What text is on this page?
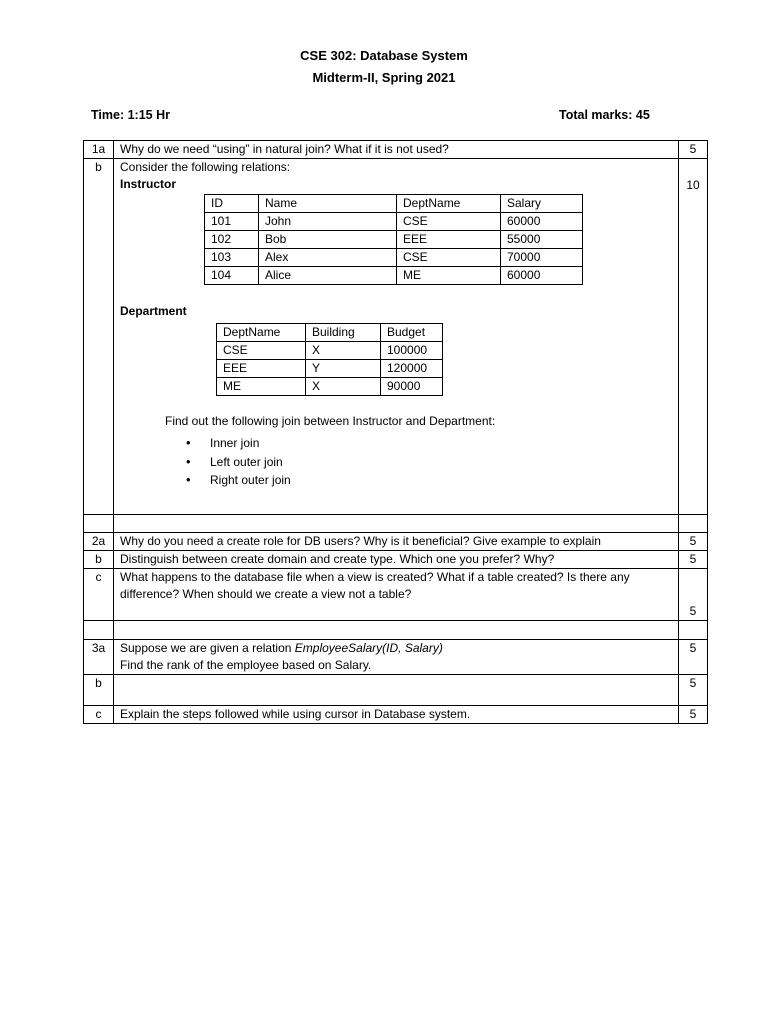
CSE 302: Database System
Midterm-II, Spring 2021
Time: 1:15 Hr	Total marks: 45
1a	Why do we need “using” in natural join? What if it is not used?	5
b	Consider the following relations:
Instructor
ID	Name	DeptName	Salary
101	John	CSE	60000
102	Bob	EEE	55000
103	Alex	CSE	70000
104	Alice	ME	60000
Department
DeptName	Building	Budget
CSE	X	100000
EEE	Y	120000
ME	X	90000
Find out the following join between Instructor and Department:
• Inner join
• Left outer join
• Right outer join
	10

2a	Why do you need a create role for DB users? Why is it beneficial? Give example to explain	5
b	Distinguish between create domain and create type. Which one you prefer? Why?	5
c	What happens to the database file when a view is created? What if a table created? Is there any
difference? When should we create a view not a table?
	5

3a	Suppose we are given a relation EmployeeSalary(ID, Salary)
Find the rank of the employee based on Salary.
	5
b		5
c	Explain the steps followed while using cursor in Database system.	5
